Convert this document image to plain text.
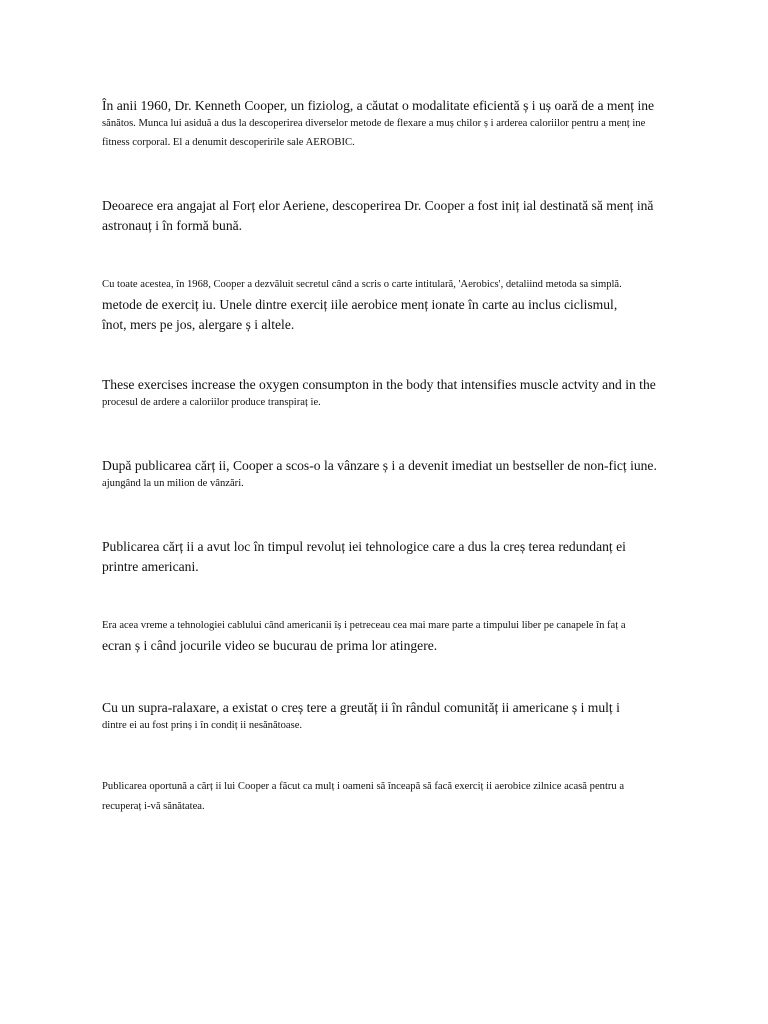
În anii 1960, Dr. Kenneth Cooper, un fiziolog, a căutat o modalitate eficientă ș i uș oară de a menț ine
sănătos. Munca lui asiduă a dus la descoperirea diverselor metode de flexare a muș chilor ș i arderea caloriilor pentru a menț ine
fitness corporal. El a denumit descoperirile sale AEROBIC.
Deoarece era angajat al Forț elor Aeriene, descoperirea Dr. Cooper a fost iniț ial destinată să menț ină
astronauț i în formă bună.
Cu toate acestea, în 1968, Cooper a dezvăluit secretul când a scris o carte intitulară, 'Aerobics', detaliind metoda sa simplă.
metode de exerciț iu. Unele dintre exerciț iile aerobice menț ionate în carte au inclus ciclismul,
înot, mers pe jos, alergare ș i altele.
These exercises increase the oxygen consumpton in the body that intensifies muscle actvity and in the
procesul de ardere a caloriilor produce transpiraț ie.
După publicarea cărț ii, Cooper a scos-o la vânzare ș i a devenit imediat un bestseller de non-ficț iune.
ajungând la un milion de vânzări.
Publicarea cărț ii a avut loc în timpul revoluț iei tehnologice care a dus la creș terea redundanț ei
printre americani.
Era acea vreme a tehnologiei cablului când americanii îș i petreceau cea mai mare parte a timpului liber pe canapele în faț a
ecran ș i când jocurile video se bucurau de prima lor atingere.
Cu un supra-ralaxare, a existat o creș tere a greutăț ii în rândul comunităț ii americane ș i mulț i
dintre ei au fost prinș i în condiț ii nesănătoase.
Publicarea oportună a cărț ii lui Cooper a făcut ca mulț i oameni să înceapă să facă exerciț ii aerobice zilnice acasă pentru a
recuperaț i-vă sănătatea.
